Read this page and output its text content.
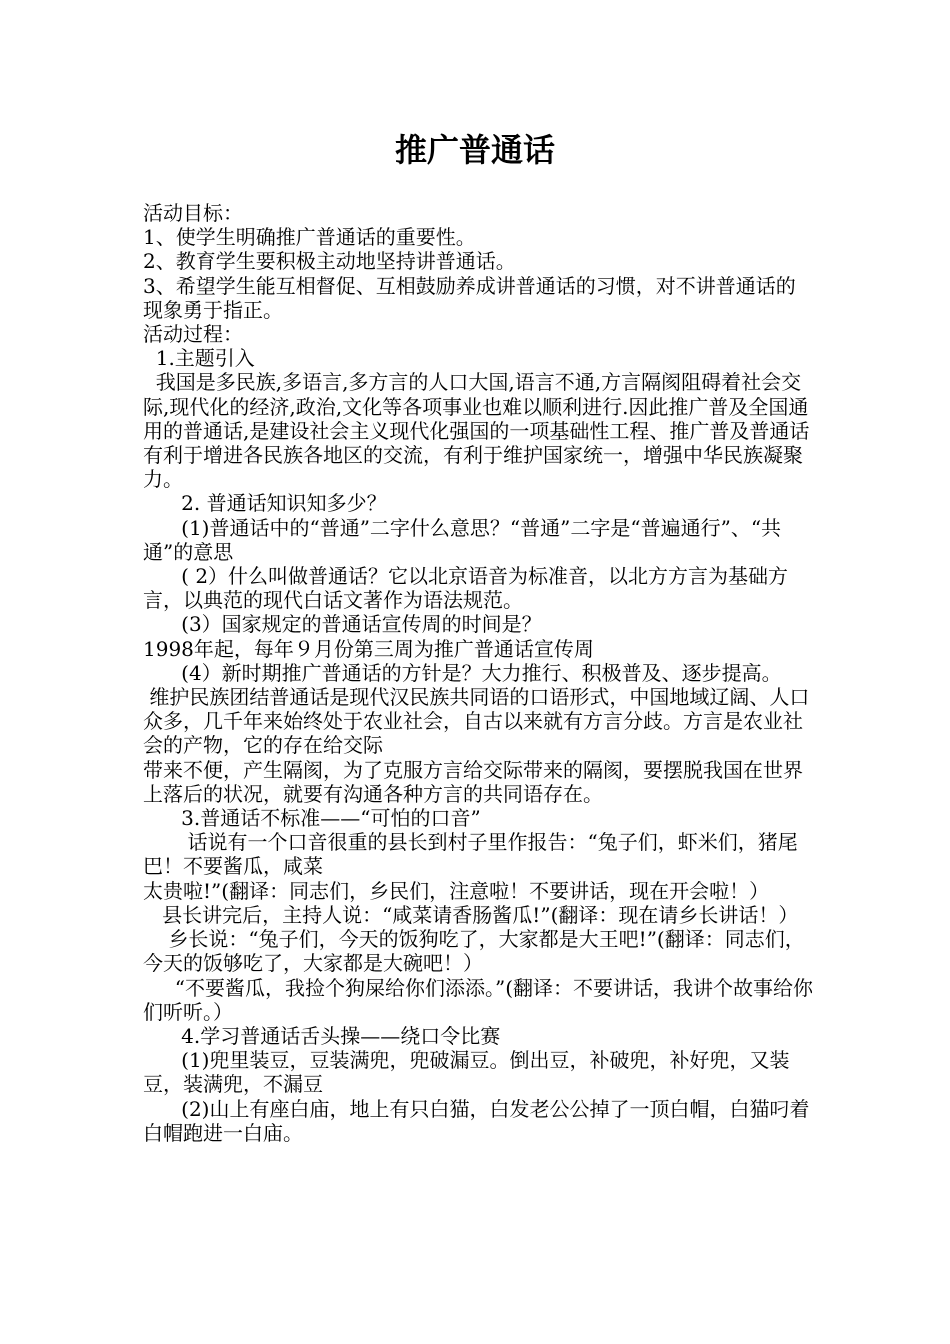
推广普通话

活动目标：

1、使学生明确推广普通话的重要性。

2、教育学生要积极主动地坚持讲普通话。

3、希望学生能互相督促、互相鼓励养成讲普通话的习惯，对不讲普通话的现象勇于指正。

活动过程：

1.主题引入

我国是多民族,多语言,多方言的人口大国,语言不通,方言隔阂阻碍着社会交际,现代化的经济,政治,文化等各项事业也难以顺利进行.因此推广普及全国通用的普通话,是建设社会主义现代化强国的一项基础性工程、推广普及普通话有利于增进各民族各地区的交流，有利于维护国家统一，增强中华民族凝聚力。

2. 普通话知识知多少？

(1)普通话中的“普通”二字什么意思？“普通”二字是“普遍通行”、“共通”的意思

( 2）什么叫做普通话？它以北京语音为标准音，以北方方言为基础方言，以典范的现代白话文著作为语法规范。

(3）国家规定的普通话宣传周的时间是？

1998年起，每年９月份第三周为推广普通话宣传周

(4）新时期推广普通话的方针是？大力推行、积极普及、逐步提高。

维护民族团结普通话是现代汉民族共同语的口语形式，中国地域辽阔、人口众多，几千年来始终处于农业社会，自古以来就有方言分歧。方言是农业社会的产物，它的存在给交际

带来不便，产生隔阂，为了克服方言给交际带来的隔阂，要摆脱我国在世界上落后的状况，就要有沟通各种方言的共同语存在。

3.普通话不标准——“可怕的口音”

话说有一个口音很重的县长到村子里作报告：“兔子们，虾米们，猪尾巴！不要酱瓜，咸菜

太贵啦!”(翻译：同志们，乡民们，注意啦！不要讲话，现在开会啦！）

县长讲完后，主持人说：“咸菜请香肠酱瓜!”(翻译：现在请乡长讲话！）

乡长说：“兔子们，今天的饭狗吃了，大家都是大王吧!”(翻译：同志们，今天的饭够吃了，大家都是大碗吧！）

“不要酱瓜，我捡个狗屎给你们添添。”(翻译：不要讲话，我讲个故事给你们听听。）

4.学习普通话舌头操——绕口令比赛

(1)兜里装豆，豆装满兜，兜破漏豆。倒出豆，补破兜，补好兜，又装豆，装满兜，不漏豆

(2)山上有座白庙，地上有只白猫，白发老公公掉了一顶白帽，白猫叼着白帽跑进一白庙。
